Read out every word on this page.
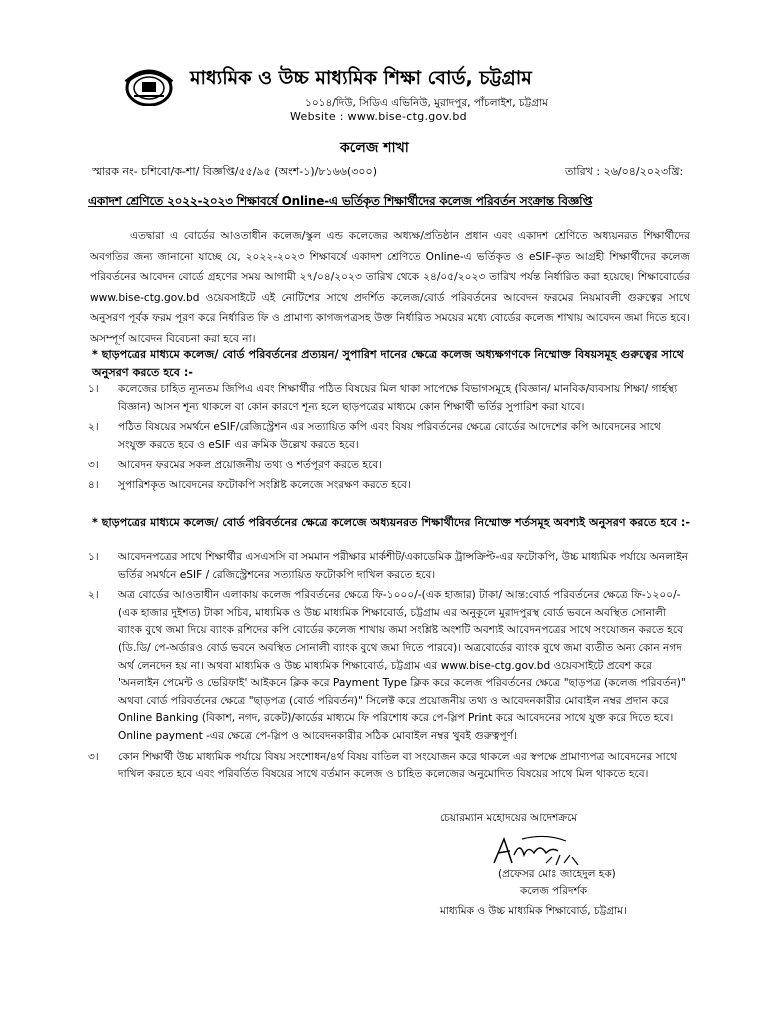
মাধ্যমিক ও উচ্চ মাধ্যমিক শিক্ষা বোর্ড, চট্টগ্রাম
১০১৪/দিউ, সিডিএ এভিনিউ, মুরাদপুর, পাঁচলাইশ, চট্টগ্রাম
Website : www.bise-ctg.gov.bd
কলেজ শাখা
স্মারক নং- চশিবো/ক-শা/ বিজ্ঞপ্তি/৫৫/৯৫ (অংশ-১)/৮১৬৬(৩০০)	তারিখ : ২৬/০৪/২০২৩খ্রি:
একাদশ শ্রেণিতে ২০২২-২০২৩ শিক্ষাবর্ষে Online-এ ভর্তিকৃত শিক্ষার্থীদের কলেজ পরিবর্তন সংক্রান্ত বিজ্ঞপ্তি

এতদ্বারা এ বোর্ডের আওতাধীন কলেজ/স্কুল এন্ড কলেজের অধ্যক্ষ/প্রতিষ্ঠান প্রধান এবং একাদশ শ্রেণিতে অধ্যয়নরত শিক্ষার্থীদের অবগতির জন্য জানানো যাচ্ছে যে, ২০২২-২০২৩ শিক্ষাবর্ষে একাদশ শ্রেণিতে Online-এ ভর্তিকৃত ও eSIF-কৃত আগ্রহী শিক্ষার্থীদের কলেজ পরিবর্তনের আবেদন বোর্ডে গ্রহণের সময় আগামী ২৭/০৪/২০২৩ তারিখ থেকে ২৪/০৫/২০২৩ তারিখ পর্যন্ত নির্ধারিত করা হয়েছে। শিক্ষাবোর্ডের www.bise-ctg.gov.bd ওয়েবসাইটে এই নোটিশের সাথে প্রদর্শিত কলেজ/বোর্ড পরিবর্তনের আবেদন ফরমের নিয়মাবলী গুরুত্বের সাথে অনুসরণ পূর্বক ফরম পূরণ করে নির্ধারিত ফি ও প্রামাণ্য কাগজপত্রসহ উক্ত নির্ধারিত সময়ের মধ্যে বোর্ডের কলেজ শাখায় আবেদন জমা দিতে হবে। অসম্পূর্ণ আবেদন বিবেচনা করা হবে না।

* ছাড়পত্রের মাধ্যমে কলেজ/ বোর্ড পরিবর্তনের প্রত্যয়ন/ সুপারিশ দানের ক্ষেত্রে কলেজ অধ্যক্ষগণকে নিম্মোক্ত বিষয়সমূহ গুরুত্বের সাথে অনুসরণ করতে হবে :-
১। কলেজের চাহিত ন্যূনতম জিপিএ এবং শিক্ষার্থীর পঠিত বিষয়ের মিল থাকা সাপেক্ষে বিভাগসমূহে (বিজ্ঞান/ মানবিক/ব্যবসায় শিক্ষা/ গার্হস্থ্য বিজ্ঞান) আসন শূন্য থাকলে বা কোন কারণে শূন্য হলে ছাড়পত্রের মাধ্যমে কোন শিক্ষার্থী ভর্তির সুপারিশ করা যাবে।
২। পঠিত বিষয়ের সমর্থনে eSIF/রেজিস্ট্রেশন এর সত্যায়িত কপি এবং বিষয় পরিবর্তনের ক্ষেত্রে বোর্ডের আদেশের কপি আবেদনের সাথে সংযুক্ত করতে হবে ও eSIF এর ক্রমিক উল্লেখ করতে হবে।
৩। আবেদন ফরমের সকল প্রয়োজনীয় তথ্য ও শর্তপূরণ করতে হবে।
৪। সুপারিশকৃত আবেদনের ফটোকপি সংশ্লিষ্ট কলেজে সংরক্ষণ করতে হবে।
* ছাড়পত্রের মাধ্যমে কলেজ/ বোর্ড পরিবর্তনের ক্ষেত্রে কলেজে অধ্যয়নরত শিক্ষার্থীদের নিম্মোক্ত শর্তসমূহ অবশ্যই অনুসরণ করতে হবে :-
১। আবেদনপত্রের সাথে শিক্ষার্থীর এসএসসি বা সমমান পরীক্ষার মার্কশীট/একাডেমিক ট্রান্সক্রিপ্ট-এর ফটোকপি, উচ্চ মাধ্যমিক পর্যায়ে অনলাইন ভর্তির সমর্থনে eSIF / রেজিস্ট্রেশনের সত্যায়িত ফটোকপি দাখিল করতে হবে।
২। অত্র বোর্ডের আওতাধীন এলাকায় কলেজ পরিবর্তনের ক্ষেত্রে ফি-১০০০/-(এক হাজার) টাকা/ আন্ত:বোর্ড পরিবর্তনের ক্ষেত্রে ফি-১২০০/-(এক হাজার দুইশত) টাকা সচিব, মাধ্যমিক ও উচ্চ মাধ্যমিক শিক্ষাবোর্ড, চট্টগ্রাম এর অনুকূলে মুরাদপুরস্থ বোর্ড ভবনে অবস্থিত সোনালী ব্যাংক বুথে জমা দিয়ে ব্যাংক রশিদের কপি বোর্ডের কলেজ শাখায় জমা সংশ্লিষ্ট অংশটি অবশ্যই আবেদনপত্রের সাথে সংযোজন করতে হবে (ডি.ডি/ পে-অর্ডারও বোর্ড ভবনে অবস্থিত সোনালী ব্যাংক বুথে জমা দিতে পারবে)। অত্রবোর্ডের ব্যাংক বুথে জমা ব্যতীত অন্য কোন নগদ অর্থ লেনদেন হয় না। অথবা মাধ্যমিক ও উচ্চ মাধ্যমিক শিক্ষাবোর্ড, চট্টগ্রাম এর www.bise-ctg.gov.bd ওয়েবসাইটে প্রবেশ করে 'অনলাইন পেমেন্ট ও ভেরিফাই' আইকনে ক্লিক করে Payment Type ক্লিক করে কলেজ পরিবর্তনের ক্ষেত্রে "ছাড়পত্র (কলেজ পরিবর্তন)" অথবা বোর্ড পরিবর্তনের ক্ষেত্রে "ছাড়পত্র (বোর্ড পরিবর্তন)" সিলেক্ট করে প্রয়োজনীয় তথ্য ও আবেদনকারীর মোবাইল নম্বর প্রদান করে Online Banking (বিকাশ, নগদ, রকেট)/কার্ডের মাধ্যমে ফি পরিশোধ করে পে-স্লিপ Print করে আবেদনের সাথে যুক্ত করে দিতে হবে। Online payment -এর ক্ষেত্রে পে-স্লিপ ও আবেদনকারীর সঠিক মোবাইল নম্বর খুবই গুরুত্বপূর্ণ।
৩। কোন শিক্ষার্থী উচ্চ মাধ্যমিক পর্যায়ে বিষয় সংশোধন/৪র্থ বিষয় বাতিল বা সংযোজন করে থাকলে এর স্বপক্ষে প্রামাণ্যপত্র আবেদনের সাথে দাখিল করতে হবে এবং পরিবর্তিত বিষয়ের সাথে বর্তমান কলেজ ও চাহিত কলেজের অনুমোদিত বিষয়ের সাথে মিল থাকতে হবে।
চেয়ারম্যান মহোদয়ের আদেশক্রমে
(প্রফেসর মোঃ জাহেদুল হক)
কলেজ পরিদর্শক
মাধ্যমিক ও উচ্চ মাধ্যমিক শিক্ষাবোর্ড, চট্টগ্রাম।
